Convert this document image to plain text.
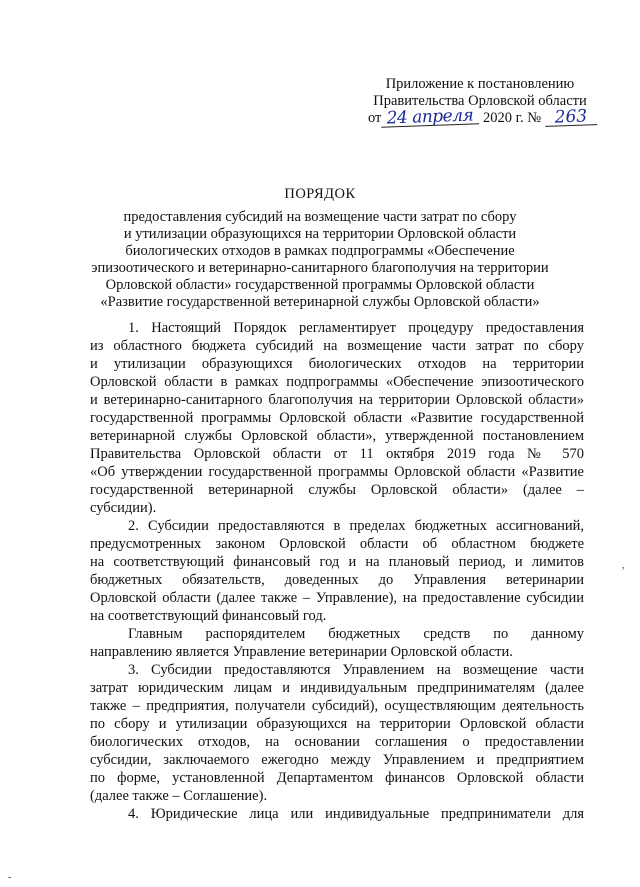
Приложение к постановлению
Правительства Орловской области
от 24 апреля 2020 г. № 263
ПОРЯДОК
предоставления субсидий на возмещение части затрат по сбору
и утилизации образующихся на территории Орловской области
биологических отходов в рамках подпрограммы «Обеспечение
эпизоотического и ветеринарно-санитарного благополучия на территории
Орловской области» государственной программы Орловской области
«Развитие государственной ветеринарной службы Орловской области»

1. Настоящий Порядок регламентирует процедуру предоставления
из областного бюджета субсидий на возмещение части затрат по сбору
и утилизации образующихся биологических отходов на территории
Орловской области в рамках подпрограммы «Обеспечение эпизоотического
и ветеринарно-санитарного благополучия на территории Орловской области»
государственной программы Орловской области «Развитие государственной
ветеринарной службы Орловской области», утвержденной постановлением
Правительства Орловской области от 11 октября 2019 года № 570
«Об утверждении государственной программы Орловской области «Развитие
государственной ветеринарной службы Орловской области» (далее –
субсидии).

2. Субсидии предоставляются в пределах бюджетных ассигнований,
предусмотренных законом Орловской области об областном бюджете
на соответствующий финансовый год и на плановый период, и лимитов
бюджетных обязательств, доведенных до Управления ветеринарии
Орловской области (далее также – Управление), на предоставление субсидии
на соответствующий финансовый год.

Главным распорядителем бюджетных средств по данному
направлению является Управление ветеринарии Орловской области.

3. Субсидии предоставляются Управлением на возмещение части
затрат юридическим лицам и индивидуальным предпринимателям (далее
также – предприятия, получатели субсидий), осуществляющим деятельность
по сбору и утилизации образующихся на территории Орловской области
биологических отходов, на основании соглашения о предоставлении
субсидии, заключаемого ежегодно между Управлением и предприятием
по форме, установленной Департаментом финансов Орловской области
(далее также – Соглашение).

4. Юридические лица или индивидуальные предприниматели для

,
-
